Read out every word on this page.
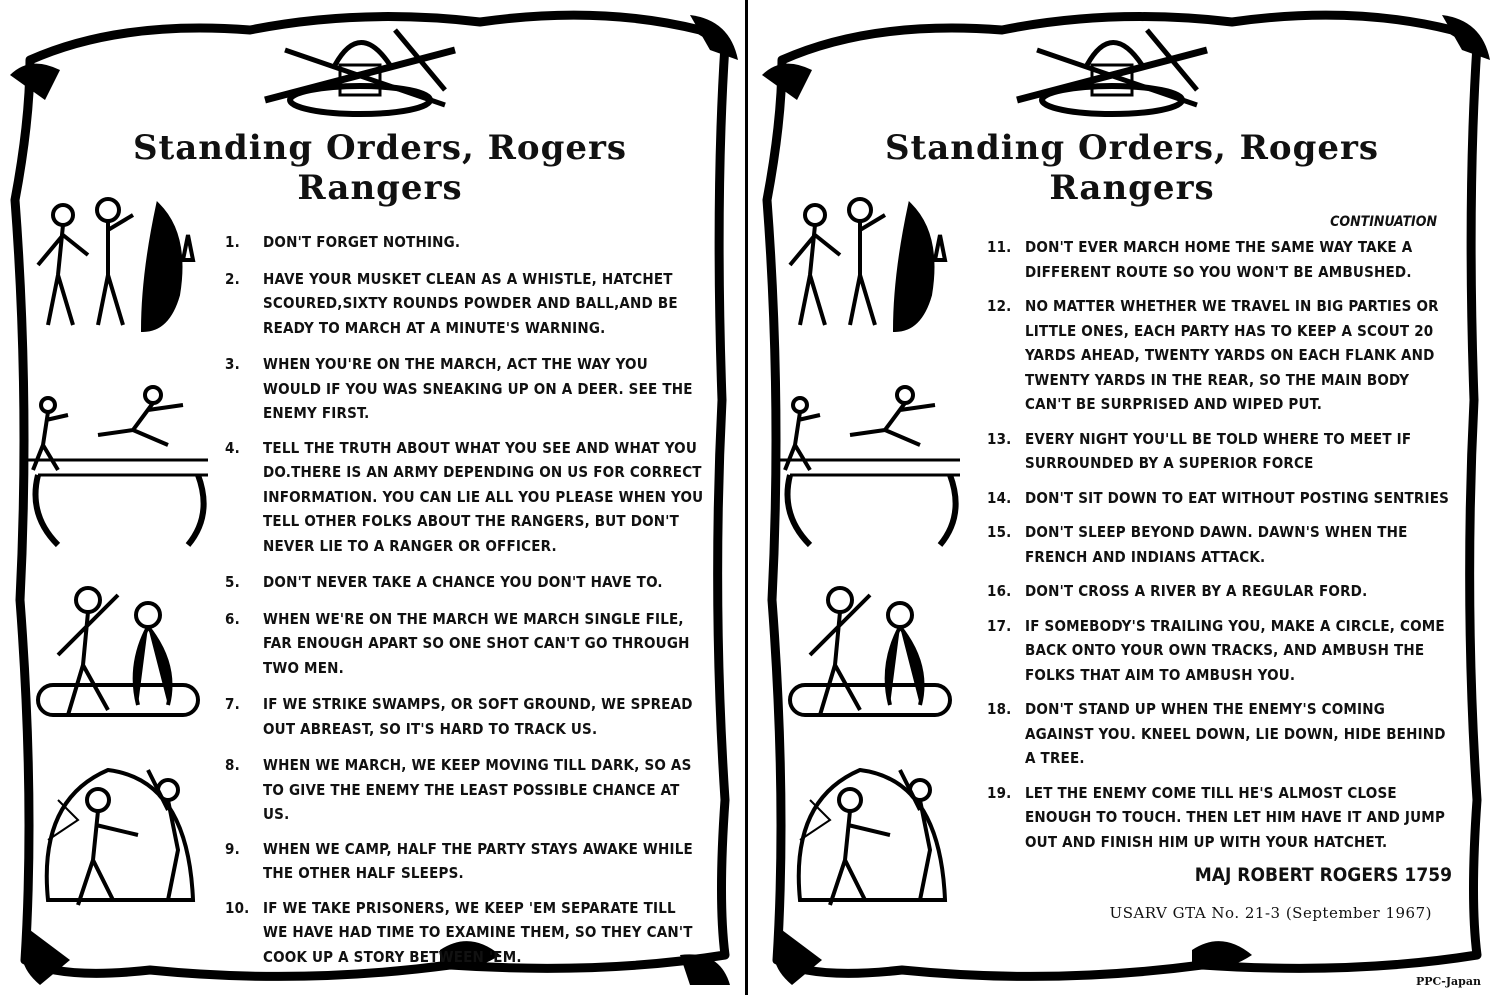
Standing Orders, Rogers Rangers
1.	DON'T FORGET NOTHING.
2.	HAVE YOUR MUSKET CLEAN AS A WHISTLE, HATCHET SCOURED,SIXTY ROUNDS POWDER AND BALL,AND BE READY TO MARCH AT A MINUTE'S WARNING.
3.	WHEN YOU'RE ON THE MARCH, ACT THE WAY YOU WOULD IF YOU WAS SNEAKING UP ON A DEER. SEE THE ENEMY FIRST.
4.	TELL THE TRUTH ABOUT WHAT YOU SEE AND WHAT YOU DO.THERE IS AN ARMY DEPENDING ON US FOR CORRECT INFORMATION. YOU CAN LIE ALL YOU PLEASE WHEN YOU TELL OTHER FOLKS ABOUT THE RANGERS, BUT DON'T NEVER LIE TO A RANGER OR OFFICER.
5.	DON'T NEVER TAKE A CHANCE YOU DON'T HAVE TO.
6.	WHEN WE'RE ON THE MARCH WE MARCH SINGLE FILE, FAR ENOUGH APART SO ONE SHOT CAN'T GO THROUGH TWO MEN.
7.	IF WE STRIKE SWAMPS, OR SOFT GROUND, WE SPREAD OUT ABREAST, SO IT'S HARD TO TRACK US.
8.	WHEN WE MARCH, WE KEEP MOVING TILL DARK, SO AS TO GIVE THE ENEMY THE LEAST POSSIBLE CHANCE AT US.
9.	WHEN WE CAMP, HALF THE PARTY STAYS AWAKE WHILE THE OTHER HALF SLEEPS.
10. IF WE TAKE PRISONERS, WE KEEP 'EM SEPARATE TILL WE HAVE HAD TIME TO EXAMINE THEM, SO THEY CAN'T COOK UP A STORY BETWEEN 'EM.
Standing Orders, Rogers Rangers

CONTINUATION

11. DON'T EVER MARCH HOME THE SAME WAY TAKE A DIFFERENT ROUTE SO YOU WON'T BE AMBUSHED.
12. NO MATTER WHETHER WE TRAVEL IN BIG PARTIES OR LITTLE ONES, EACH PARTY HAS TO KEEP A SCOUT 20 YARDS AHEAD, TWENTY YARDS ON EACH FLANK AND TWENTY YARDS IN THE REAR, SO THE MAIN BODY CAN'T BE SURPRISED AND WIPED PUT.
13. EVERY NIGHT YOU'LL BE TOLD WHERE TO MEET IF SURROUNDED BY A SUPERIOR FORCE
14. DON'T SIT DOWN TO EAT WITHOUT POSTING SENTRIES
15. DON'T SLEEP BEYOND DAWN. DAWN'S WHEN THE FRENCH AND INDIANS ATTACK.
16. DON'T CROSS A RIVER BY A REGULAR FORD.
17. IF SOMEBODY'S TRAILING YOU, MAKE A CIRCLE, COME BACK ONTO YOUR OWN TRACKS, AND AMBUSH THE FOLKS THAT AIM TO AMBUSH YOU.
18. DON'T STAND UP WHEN THE ENEMY'S COMING AGAINST YOU. KNEEL DOWN, LIE DOWN, HIDE BEHIND A TREE.
19. LET THE ENEMY COME TILL HE'S ALMOST CLOSE ENOUGH TO TOUCH. THEN LET HIM HAVE IT AND JUMP OUT AND FINISH HIM UP WITH YOUR HATCHET.

MAJ ROBERT ROGERS 1759

USARV GTA No. 21-3 (September 1967)

PPC-Japan
